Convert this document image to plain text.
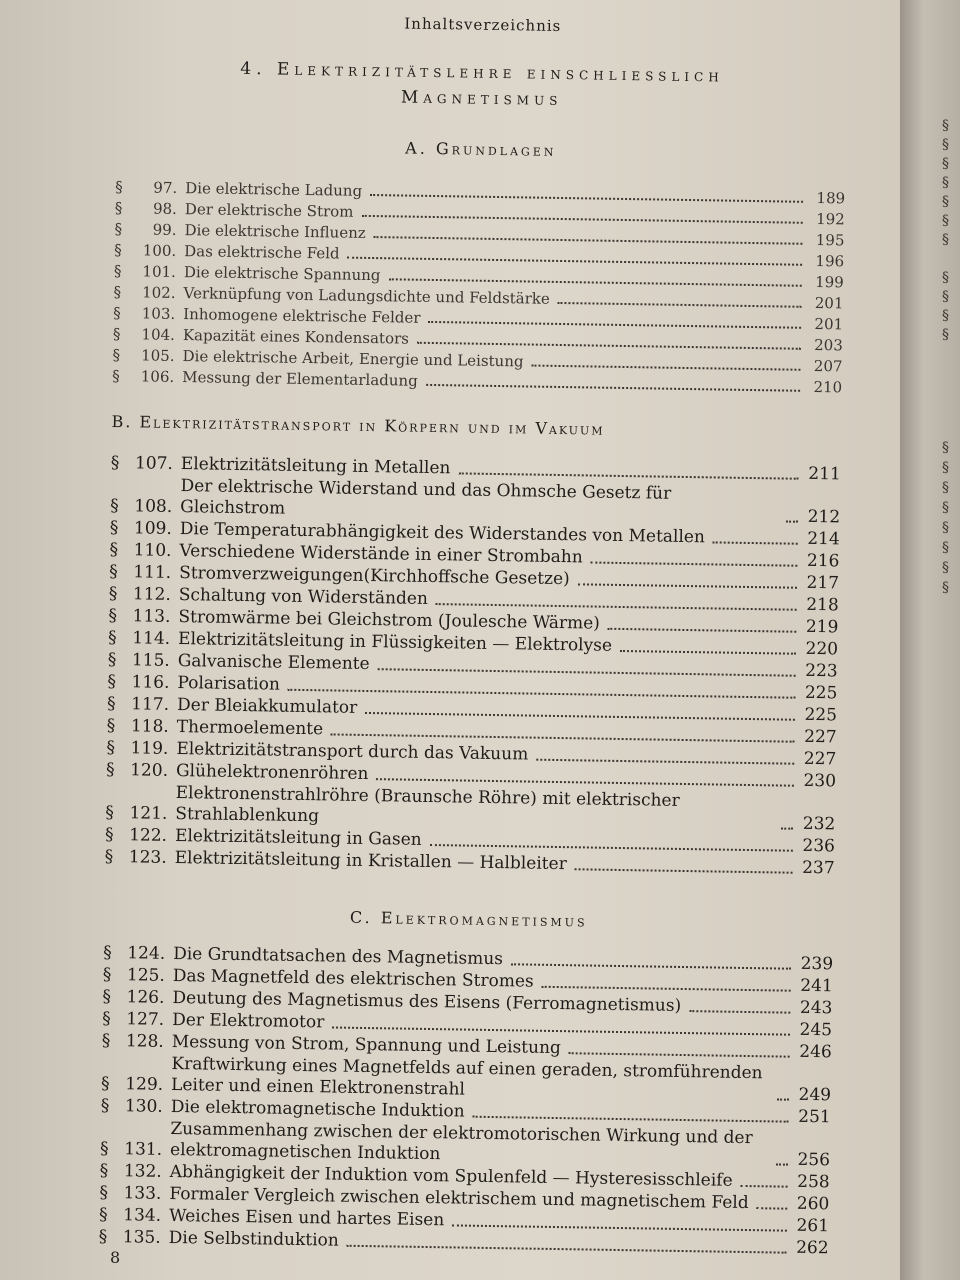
Inhaltsverzeichnis
4. Elektrizitätslehre einschliesslich
Magnetismus
A. Grundlagen
§	97. Die elektrische Ladung	189
§	98. Der elektrische Strom	192
§	99. Die elektrische Influenz	195
§	100. Das elektrische Feld	196
§	101. Die elektrische Spannung	199
§	102. Verknüpfung von Ladungsdichte und Feldstärke	201
§	103. Inhomogene elektrische Felder	201
§	104. Kapazität eines Kondensators	203
§	105. Die elektrische Arbeit, Energie und Leistung	207
§	106. Messung der Elementarladung	210
B. Elektrizitätstransport in Körpern und im Vakuum
§ 107. Elektrizitätsleitung in Metallen	211
§ 108.
Der elektrische Widerstand und das Ohmsche Gesetz für Gleichstrom	212
§ 109. Die Temperaturabhängigkeit des Widerstandes von Metallen	214
§ 110. Verschiedene Widerstände in einer Strombahn	216
§ 111. Stromverzweigungen(Kirchhoffsche Gesetze)	217
§ 112. Schaltung von Widerständen	218
§ 113. Stromwärme bei Gleichstrom (Joulesche Wärme)	219
§ 114. Elektrizitätsleitung in Flüssigkeiten — Elektrolyse	220
§ 115. Galvanische Elemente	223
§ 116. Polarisation	225
§ 117. Der Bleiakkumulator	225
§ 118. Thermoelemente	227
§ 119. Elektrizitätstransport durch das Vakuum	227
§ 120. Glühelektronenröhren	230
§ 121.
Elektronenstrahlröhre (Braunsche Röhre) mit elektrischer Strahlablenkung	232
§ 122. Elektrizitätsleitung in Gasen	236
§ 123. Elektrizitätsleitung in Kristallen — Halbleiter	237
C. Elektromagnetismus
§ 124. Die Grundtatsachen des Magnetismus	239
§ 125. Das Magnetfeld des elektrischen Stromes	241
§ 126. Deutung des Magnetismus des Eisens (Ferromagnetismus)	243
§ 127. Der Elektromotor	245
§ 128. Messung von Strom, Spannung und Leistung	246
§ 129.
Kraftwirkung eines Magnetfelds auf einen geraden, stromführenden Leiter und einen Elektronenstrahl	249
§ 130. Die elektromagnetische Induktion	251
§ 131.
Zusammenhang zwischen der elektromotorischen Wirkung und der elektromagnetischen Induktion	256
§ 132. Abhängigkeit der Induktion vom Spulenfeld — Hysteresisschleife	258
§ 133. Formaler Vergleich zwischen elektrischem und magnetischem Feld	260
§ 134. Weiches Eisen und hartes Eisen	261
§ 135. Die Selbstinduktion	262
8
§
§
§
§
§
§
§
§
§
§
§
§
§
§
§
§
§
§
§
